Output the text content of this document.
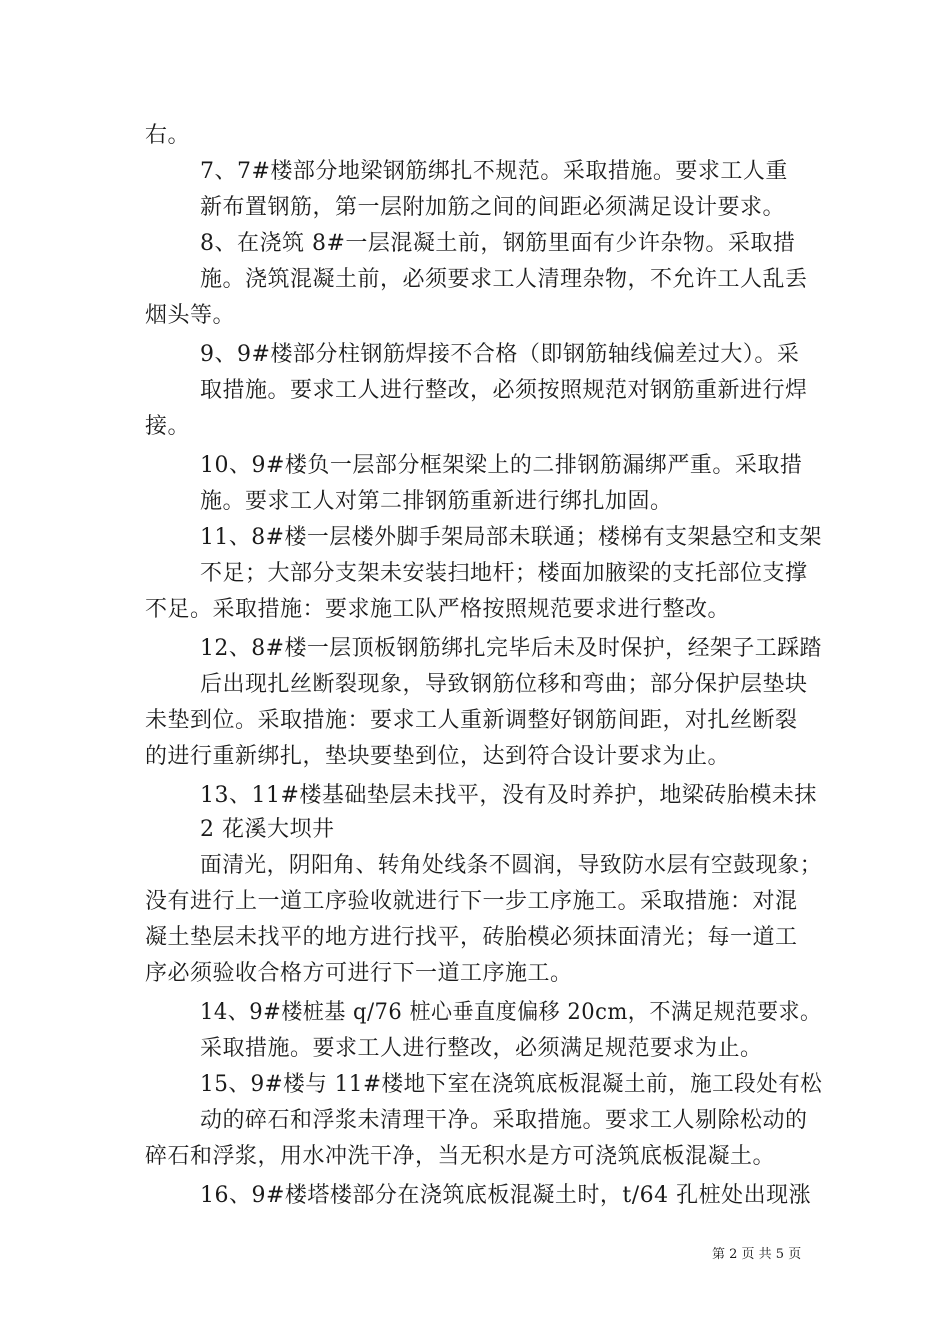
右。
7、7#楼部分地梁钢筋绑扎不规范。采取措施。要求工人重
新布置钢筋，第一层附加筋之间的间距必须满足设计要求。
8、在浇筑 8#一层混凝土前，钢筋里面有少许杂物。采取措
施。浇筑混凝土前，必须要求工人清理杂物，不允许工人乱丢
烟头等。
9、9#楼部分柱钢筋焊接不合格（即钢筋轴线偏差过大）。采
取措施。要求工人进行整改，必须按照规范对钢筋重新进行焊
接。
10、9#楼负一层部分框架梁上的二排钢筋漏绑严重。采取措
施。要求工人对第二排钢筋重新进行绑扎加固。
11、8#楼一层楼外脚手架局部未联通；楼梯有支架悬空和支架
不足；大部分支架未安装扫地杆；楼面加腋梁的支托部位支撑
不足。采取措施：要求施工队严格按照规范要求进行整改。
12、8#楼一层顶板钢筋绑扎完毕后未及时保护，经架子工踩踏
后出现扎丝断裂现象，导致钢筋位移和弯曲；部分保护层垫块
未垫到位。采取措施：要求工人重新调整好钢筋间距，对扎丝断裂
的进行重新绑扎，垫块要垫到位，达到符合设计要求为止。
13、11#楼基础垫层未找平，没有及时养护，地梁砖胎模未抹
2 花溪大坝井
面清光，阴阳角、转角处线条不圆润，导致防水层有空鼓现象；
没有进行上一道工序验收就进行下一步工序施工。采取措施：对混
凝土垫层未找平的地方进行找平，砖胎模必须抹面清光；每一道工
序必须验收合格方可进行下一道工序施工。
14、9#楼桩基 q/76 桩心垂直度偏移 20cm，不满足规范要求。
采取措施。要求工人进行整改，必须满足规范要求为止。
15、9#楼与 11#楼地下室在浇筑底板混凝土前，施工段处有松
动的碎石和浮浆未清理干净。采取措施。要求工人剔除松动的
碎石和浮浆，用水冲洗干净，当无积水是方可浇筑底板混凝土。
16、9#楼塔楼部分在浇筑底板混凝土时，t/64 孔桩处出现涨
第 2 页 共 5 页
